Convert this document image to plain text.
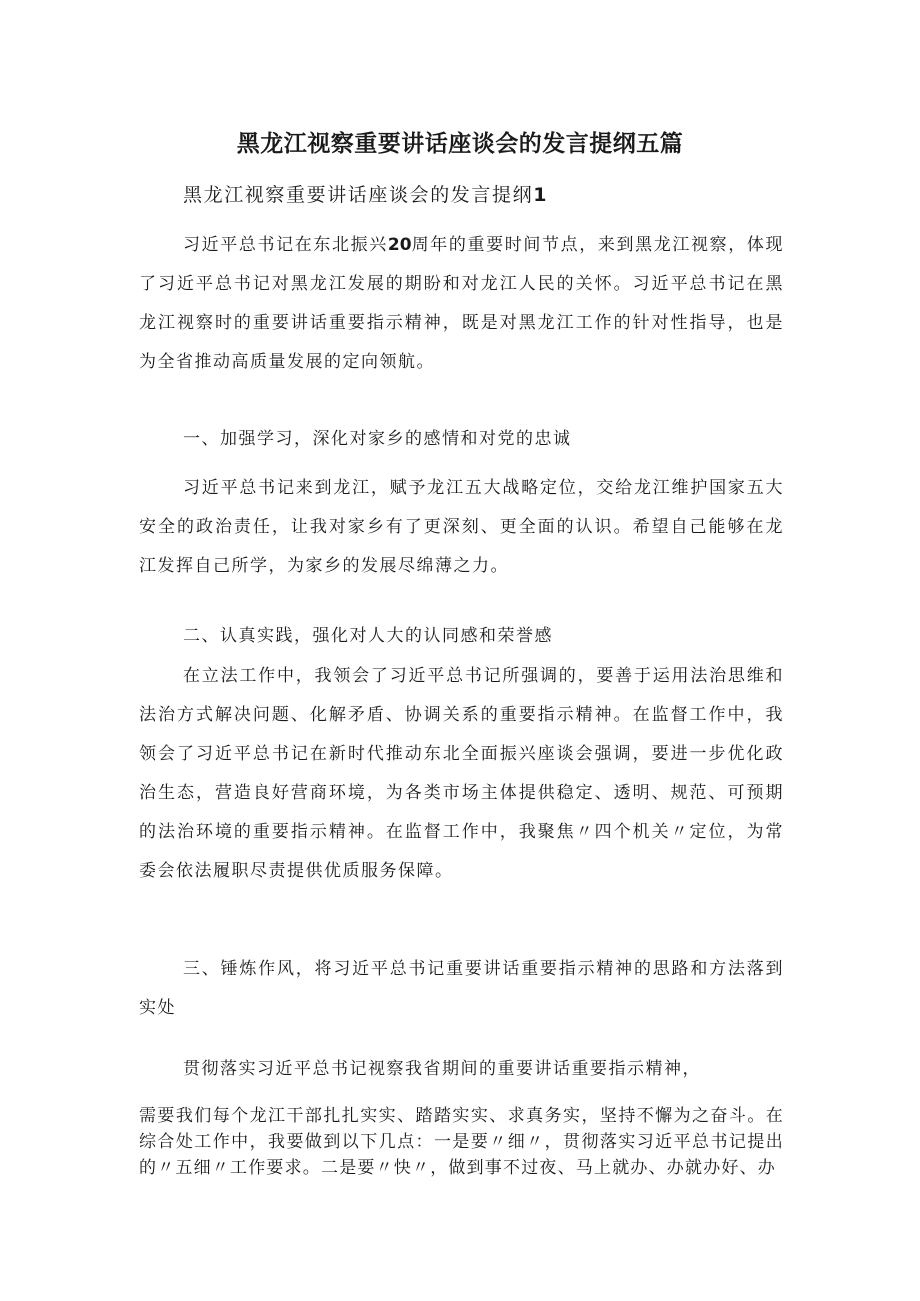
黑龙江视察重要讲话座谈会的发言提纲五篇
黑龙江视察重要讲话座谈会的发言提纲1

习近平总书记在东北振兴20周年的重要时间节点，来到黑龙江视察，体现了习近平总书记对黑龙江发展的期盼和对龙江人民的关怀。习近平总书记在黑龙江视察时的重要讲话重要指示精神，既是对黑龙江工作的针对性指导，也是为全省推动高质量发展的定向领航。

一、加强学习，深化对家乡的感情和对党的忠诚

习近平总书记来到龙江，赋予龙江五大战略定位，交给龙江维护国家五大安全的政治责任，让我对家乡有了更深刻、更全面的认识。希望自己能够在龙江发挥自己所学，为家乡的发展尽绵薄之力。

二、认真实践，强化对人大的认同感和荣誉感

在立法工作中，我领会了习近平总书记所强调的，要善于运用法治思维和法治方式解决问题、化解矛盾、协调关系的重要指示精神。在监督工作中，我领会了习近平总书记在新时代推动东北全面振兴座谈会强调，要进一步优化政治生态，营造良好营商环境，为各类市场主体提供稳定、透明、规范、可预期的法治环境的重要指示精神。在监督工作中，我聚焦〃四个机关〃定位，为常委会依法履职尽责提供优质服务保障。

三、锤炼作风，将习近平总书记重要讲话重要指示精神的思路和方法落到实处

贯彻落实习近平总书记视察我省期间的重要讲话重要指示精神，

需要我们每个龙江干部扎扎实实、踏踏实实、求真务实，坚持不懈为之奋斗。在综合处工作中，我要做到以下几点：一是要〃细〃，贯彻落实习近平总书记提出的〃五细〃工作要求。二是要〃快〃，做到事不过夜、马上就办、办就办好、办
